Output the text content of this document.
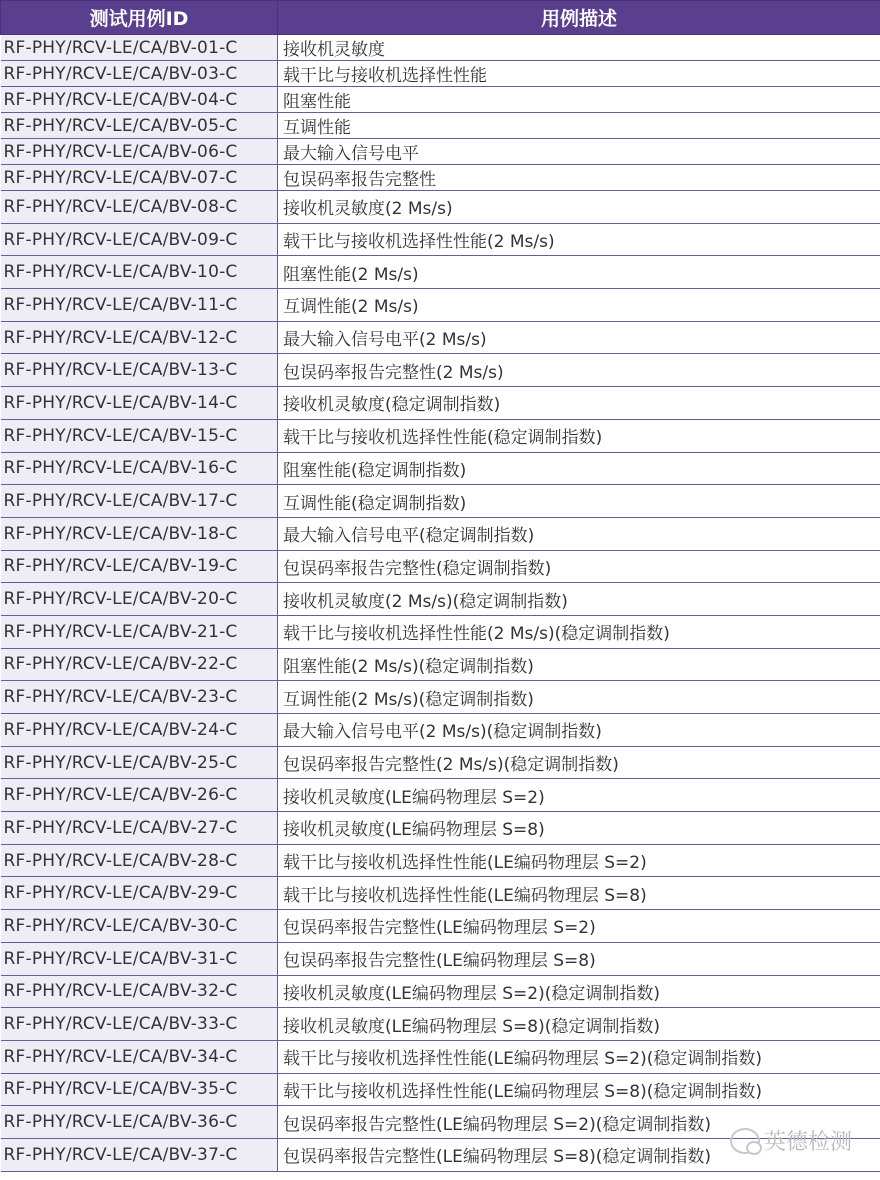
测试用例ID	用例描述
RF-PHY/RCV-LE/CA/BV-01-C	接收机灵敏度
RF-PHY/RCV-LE/CA/BV-03-C	载干比与接收机选择性性能
RF-PHY/RCV-LE/CA/BV-04-C	阻塞性能
RF-PHY/RCV-LE/CA/BV-05-C	互调性能
RF-PHY/RCV-LE/CA/BV-06-C	最大输入信号电平
RF-PHY/RCV-LE/CA/BV-07-C	包误码率报告完整性
RF-PHY/RCV-LE/CA/BV-08-C	接收机灵敏度(2 Ms/s)
RF-PHY/RCV-LE/CA/BV-09-C	载干比与接收机选择性性能(2 Ms/s)
RF-PHY/RCV-LE/CA/BV-10-C	阻塞性能(2 Ms/s)
RF-PHY/RCV-LE/CA/BV-11-C	互调性能(2 Ms/s)
RF-PHY/RCV-LE/CA/BV-12-C	最大输入信号电平(2 Ms/s)
RF-PHY/RCV-LE/CA/BV-13-C	包误码率报告完整性(2 Ms/s)
RF-PHY/RCV-LE/CA/BV-14-C	接收机灵敏度(稳定调制指数)
RF-PHY/RCV-LE/CA/BV-15-C	载干比与接收机选择性性能(稳定调制指数)
RF-PHY/RCV-LE/CA/BV-16-C	阻塞性能(稳定调制指数)
RF-PHY/RCV-LE/CA/BV-17-C	互调性能(稳定调制指数)
RF-PHY/RCV-LE/CA/BV-18-C	最大输入信号电平(稳定调制指数)
RF-PHY/RCV-LE/CA/BV-19-C	包误码率报告完整性(稳定调制指数)
RF-PHY/RCV-LE/CA/BV-20-C	接收机灵敏度(2 Ms/s)(稳定调制指数)
RF-PHY/RCV-LE/CA/BV-21-C	载干比与接收机选择性性能(2 Ms/s)(稳定调制指数)
RF-PHY/RCV-LE/CA/BV-22-C	阻塞性能(2 Ms/s)(稳定调制指数)
RF-PHY/RCV-LE/CA/BV-23-C	互调性能(2 Ms/s)(稳定调制指数)
RF-PHY/RCV-LE/CA/BV-24-C	最大输入信号电平(2 Ms/s)(稳定调制指数)
RF-PHY/RCV-LE/CA/BV-25-C	包误码率报告完整性(2 Ms/s)(稳定调制指数)
RF-PHY/RCV-LE/CA/BV-26-C	接收机灵敏度(LE编码物理层 S=2)
RF-PHY/RCV-LE/CA/BV-27-C	接收机灵敏度(LE编码物理层 S=8)
RF-PHY/RCV-LE/CA/BV-28-C	载干比与接收机选择性性能(LE编码物理层 S=2)
RF-PHY/RCV-LE/CA/BV-29-C	载干比与接收机选择性性能(LE编码物理层 S=8)
RF-PHY/RCV-LE/CA/BV-30-C	包误码率报告完整性(LE编码物理层 S=2)
RF-PHY/RCV-LE/CA/BV-31-C	包误码率报告完整性(LE编码物理层 S=8)
RF-PHY/RCV-LE/CA/BV-32-C	接收机灵敏度(LE编码物理层 S=2)(稳定调制指数)
RF-PHY/RCV-LE/CA/BV-33-C	接收机灵敏度(LE编码物理层 S=8)(稳定调制指数)
RF-PHY/RCV-LE/CA/BV-34-C	载干比与接收机选择性性能(LE编码物理层 S=2)(稳定调制指数)
RF-PHY/RCV-LE/CA/BV-35-C	载干比与接收机选择性性能(LE编码物理层 S=8)(稳定调制指数)
RF-PHY/RCV-LE/CA/BV-36-C	包误码率报告完整性(LE编码物理层 S=2)(稳定调制指数)
RF-PHY/RCV-LE/CA/BV-37-C	包误码率报告完整性(LE编码物理层 S=8)(稳定调制指数)
英德检测
